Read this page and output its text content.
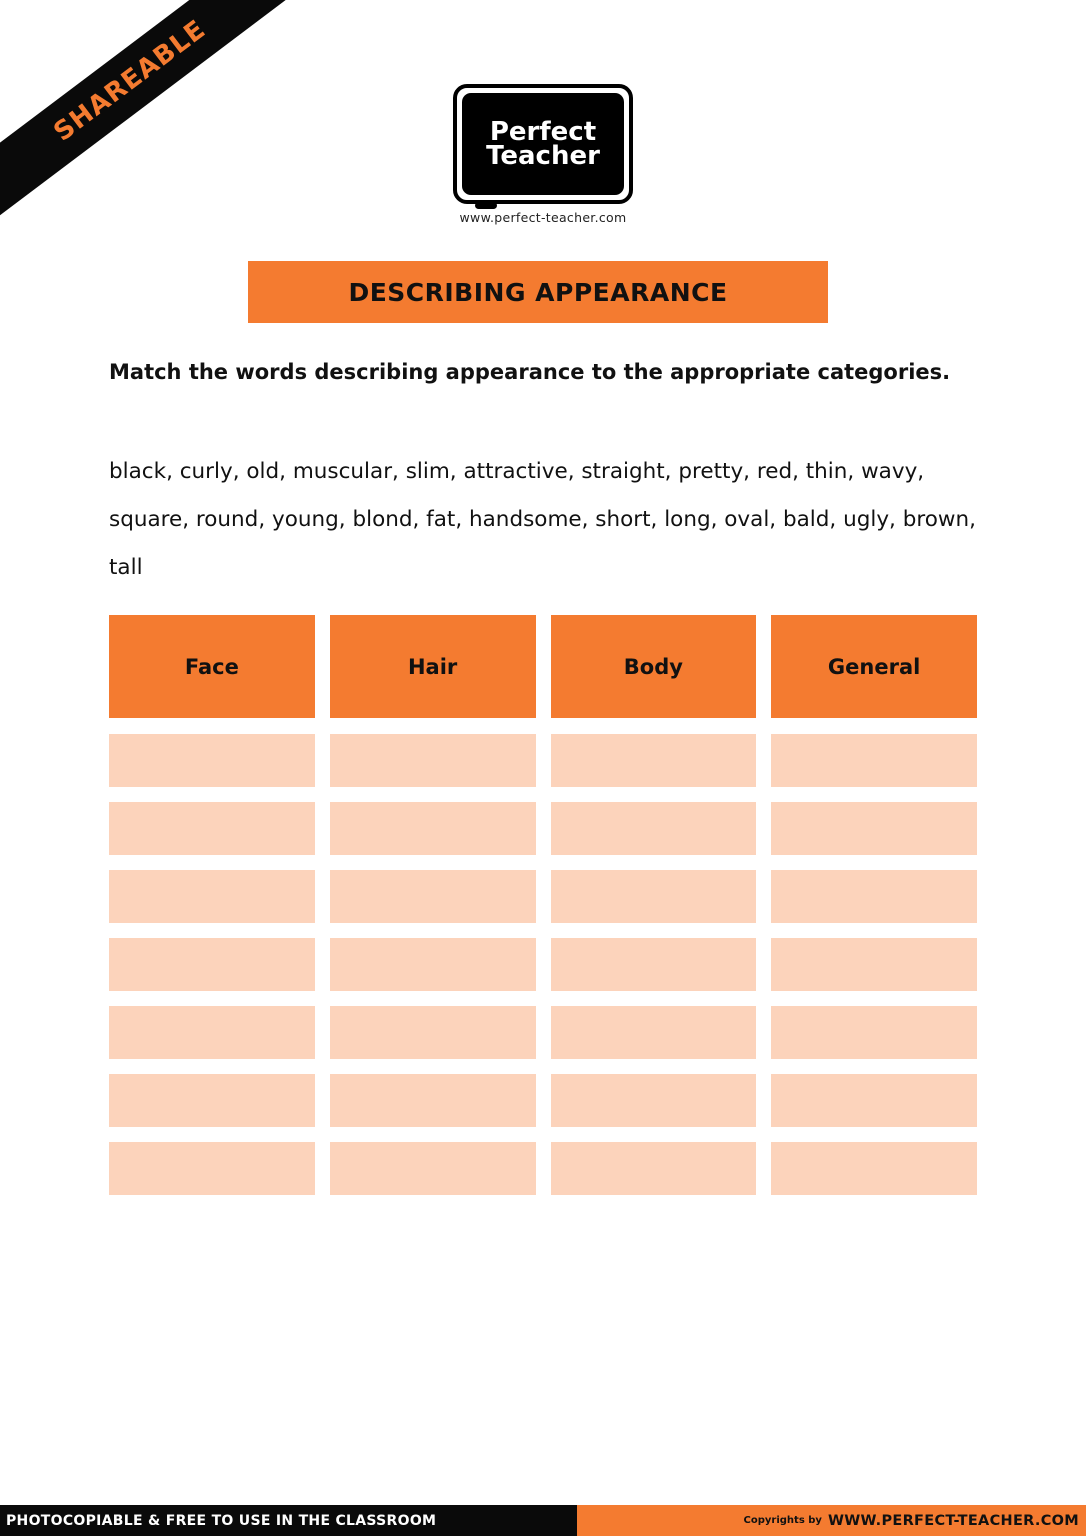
SHAREABLE	Perfect
Teacher
www.perfect-teacher.com
DESCRIBING APPEARANCE
Match the words describing appearance to the appropriate categories.
black, curly, old, muscular, slim, attractive, straight, pretty, red, thin, wavy,
square, round, young, blond, fat, handsome, short, long, oval, bald, ugly, brown,
tall
Face	Hair	Body	General
PHOTOCOPIABLE & FREE TO USE IN THE CLASSROOM	Copyrights by WWW.PERFECT-TEACHER.COM
